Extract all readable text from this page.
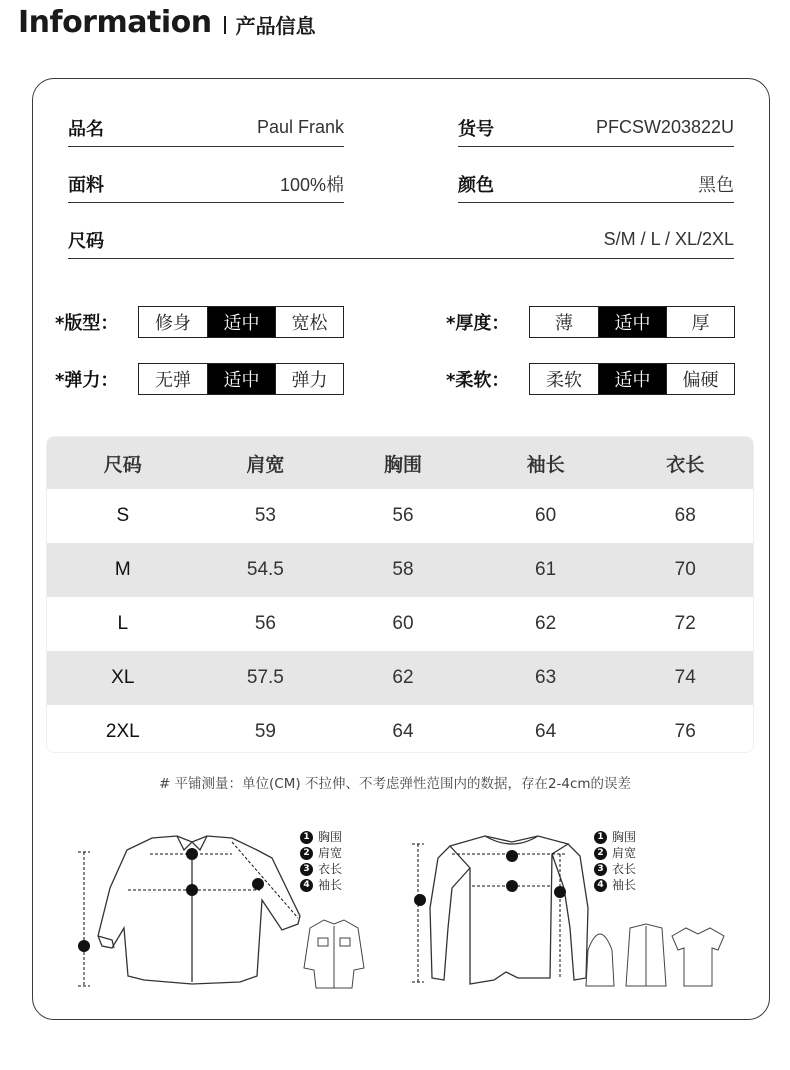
Information 产品信息
品名	Paul Frank	货号	PFCSW203822U
面料	100%棉	颜色	黑色
尺码	S/M / L / XL/2XL
*版型：	修身	适中	宽松	*厚度：	薄	适中	厚
*弹力：	无弹	适中	弹力	*柔软：	柔软	适中	偏硬
尺码	肩宽	胸围	袖长	衣长
S	53	56	60	68
M	54.5	58	61	70
L	56	60	62	72
XL	57.5	62	63	74
2XL	59	64	64	76
# 平铺测量：单位(CM) 不拉伸、不考虑弹性范围内的数据，存在2-4cm的误差
1 胸围
2 肩宽
3 衣长
4 袖长
1 胸围
2 肩宽
3 衣长
4 袖长
